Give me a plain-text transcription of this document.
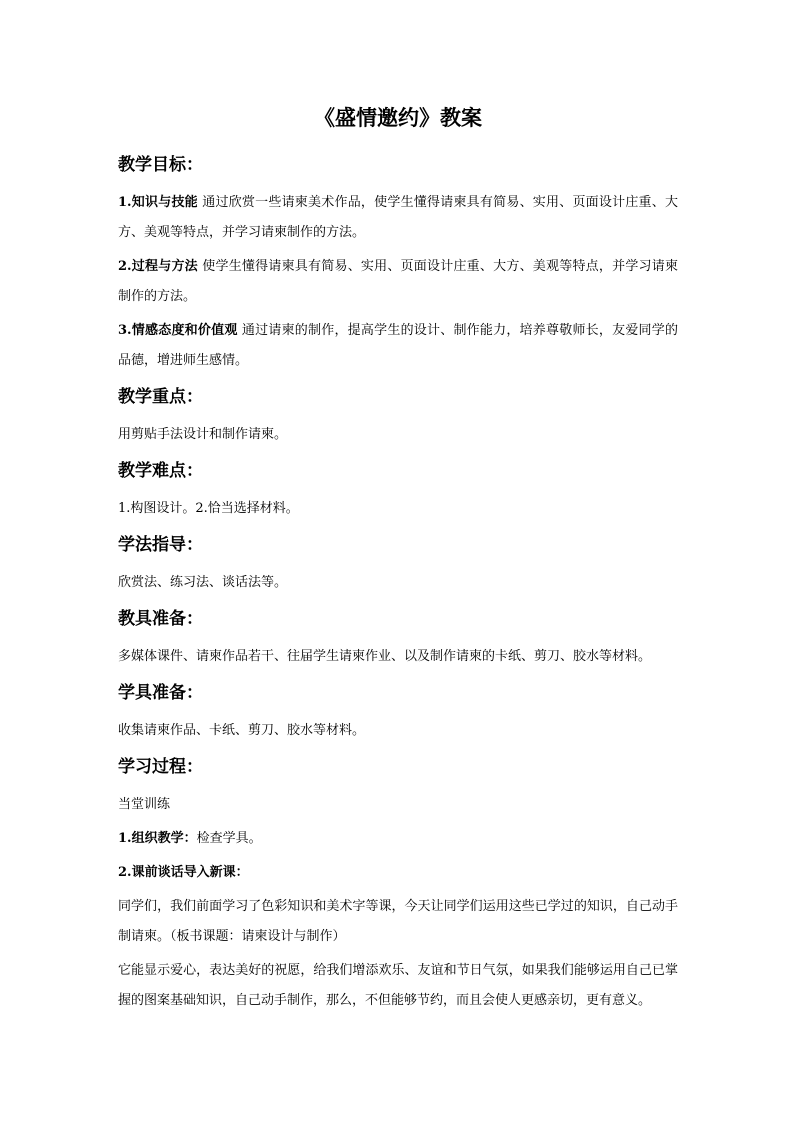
《盛情邀约》教案
教学目标：

1.知识与技能 通过欣赏一些请柬美术作品，使学生懂得请柬具有简易、实用、页面设计庄重、大方、美观等特点，并学习请柬制作的方法。

2.过程与方法 使学生懂得请柬具有简易、实用、页面设计庄重、大方、美观等特点，并学习请柬制作的方法。

3.情感态度和价值观 通过请柬的制作，提高学生的设计、制作能力，培养尊敬师长，友爱同学的品德，增进师生感情。

教学重点：

用剪贴手法设计和制作请柬。

教学难点：

1.构图设计。2.恰当选择材料。

学法指导：

欣赏法、练习法、谈话法等。

教具准备：

多媒体课件、请柬作品若干、往届学生请柬作业、以及制作请柬的卡纸、剪刀、胶水等材料。

学具准备：

收集请柬作品、卡纸、剪刀、胶水等材料。

学习过程：

当堂训练

1.组织教学：检查学具。

2.课前谈话导入新课：

同学们，我们前面学习了色彩知识和美术字等课，今天让同学们运用这些已学过的知识，自己动手制请柬。（板书课题：请柬设计与制作）

它能显示爱心，表达美好的祝愿，给我们增添欢乐、友谊和节日气氛，如果我们能够运用自己已掌握的图案基础知识，自己动手制作，那么，不但能够节约，而且会使人更感亲切，更有意义。
